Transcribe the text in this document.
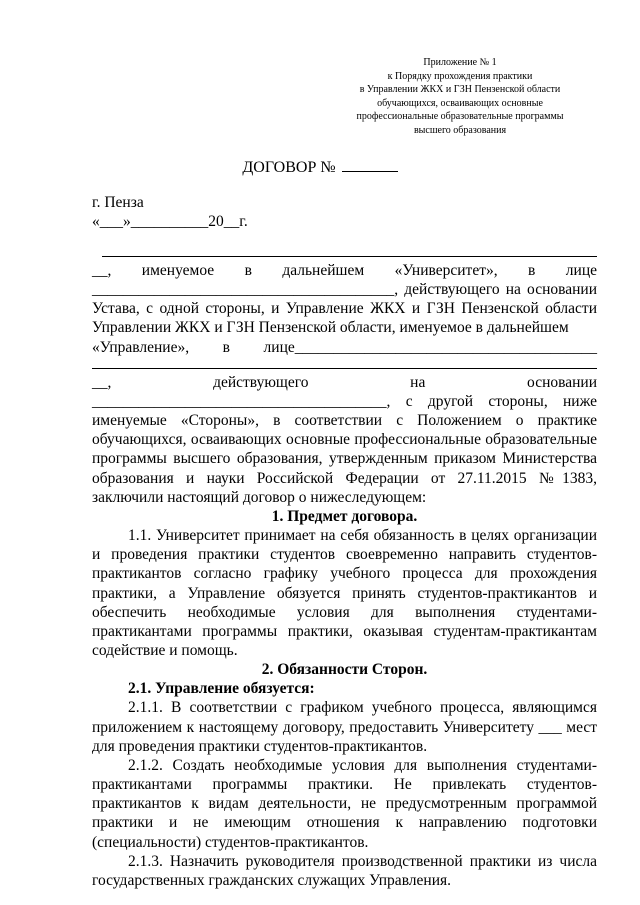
Приложение № 1
к Порядку прохождения практики
в Управлении ЖКХ и ГЗН Пензенской области
обучающихся, осваивающих основные
профессиональные образовательные программы
высшего образования
ДОГОВОР №
г. Пенза
«___»__________20__г.

__, именуемое в дальнейшем «Университет», в лице

_______________________________________, действующего на основании

Устава, с одной стороны, и Управление ЖКХ и ГЗН Пензенской области Управлении ЖКХ и ГЗН Пензенской области, именуемое в дальнейшем

«Управление», в лице_______________________________________

__, действующего на основании

______________________________________, с другой стороны, ниже

именуемые «Стороны», в соответствии с Положением о практике обучающихся, осваивающих основные профессиональные образовательные программы высшего образования, утвержденным приказом Министерства образования и науки Российской Федерации от 27.11.2015 №1383, заключили настоящий договор о нижеследующем:

1. Предмет договора.

1.1. Университет принимает на себя обязанность в целях организации и проведения практики студентов своевременно направить студентов-практикантов согласно графику учебного процесса для прохождения практики, а Управление обязуется принять студентов-практикантов и обеспечить необходимые условия для выполнения студентами-практикантами программы практики, оказывая студентам-практикантам содействие и помощь.

2. Обязанности Сторон.

2.1. Управление обязуется:

2.1.1. В соответствии с графиком учебного процесса, являющимся приложением к настоящему договору, предоставить Университету ___ мест для проведения практики студентов-практикантов.

2.1.2. Создать необходимые условия для выполнения студентами-практикантами программы практики. Не привлекать студентов-практикантов к видам деятельности, не предусмотренным программой практики и не имеющим отношения к направлению подготовки (специальности) студентов-практикантов.

2.1.3. Назначить руководителя производственной практики из числа государственных гражданских служащих Управления.
